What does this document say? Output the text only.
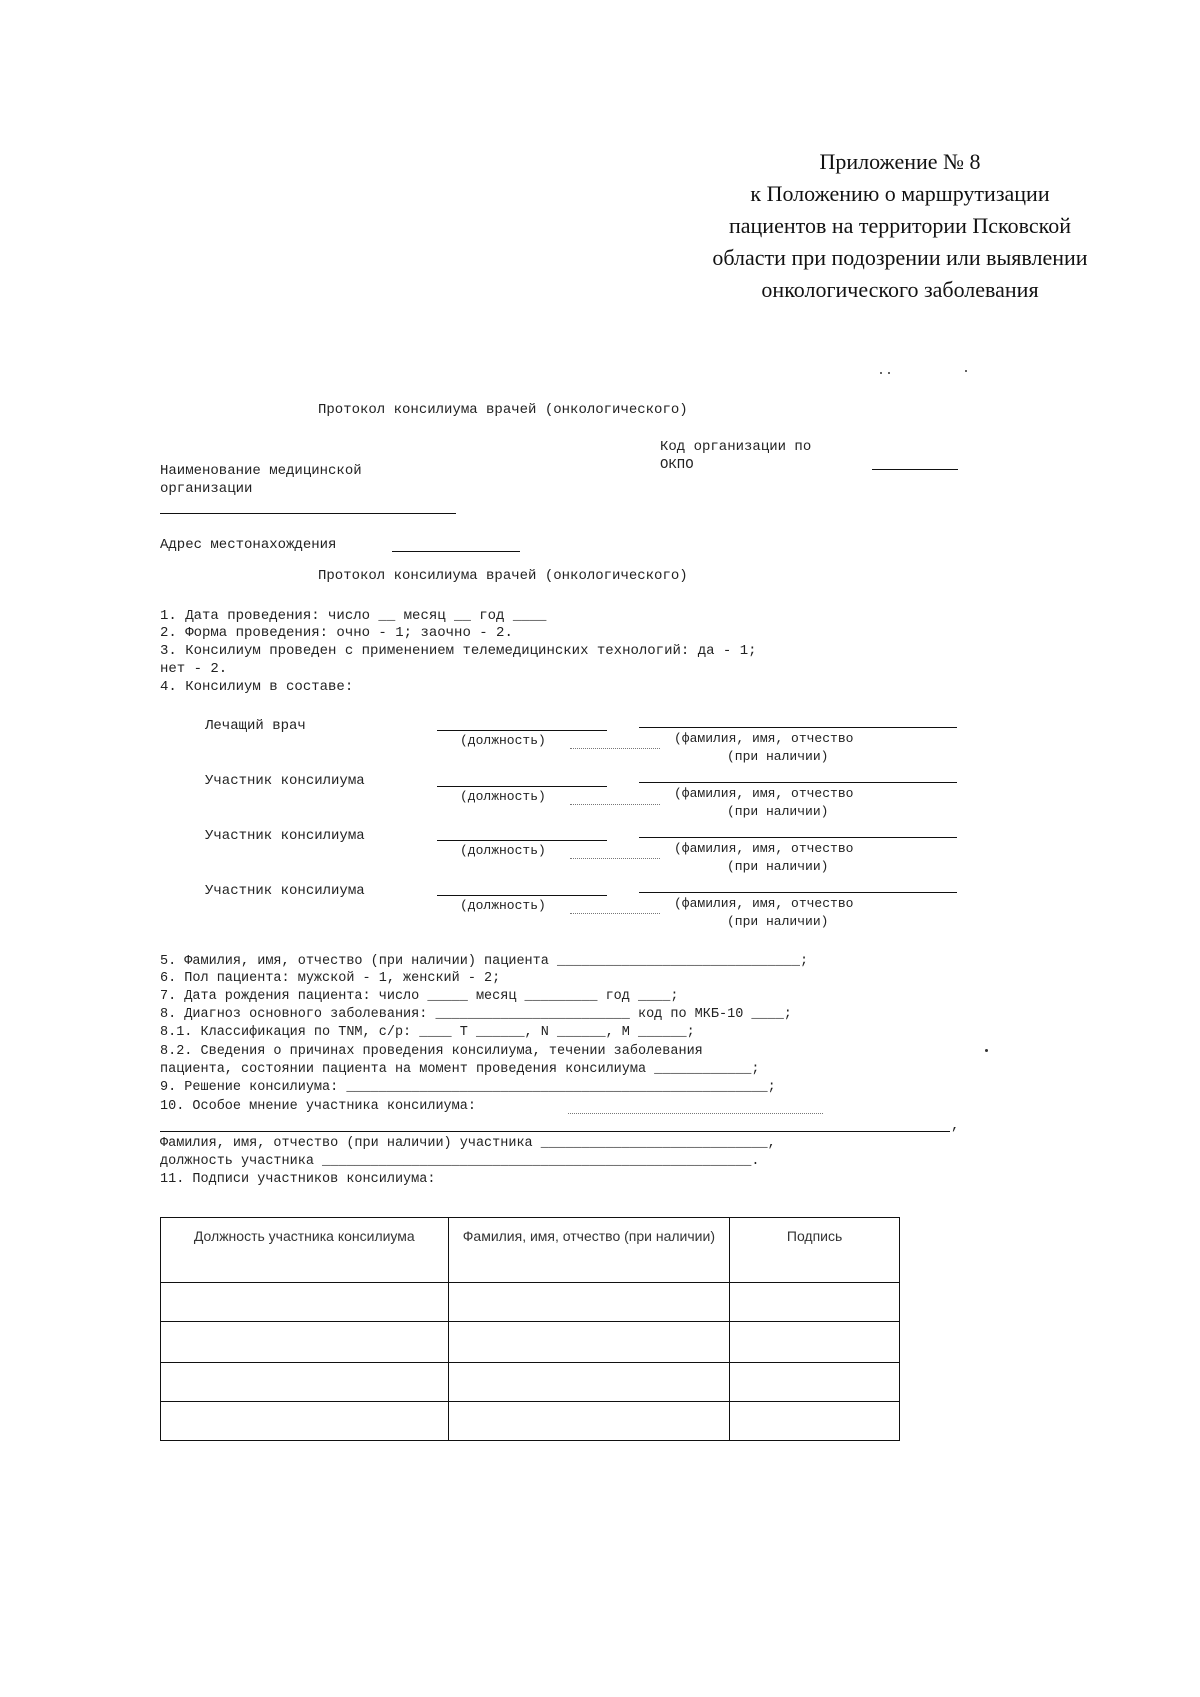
Приложение № 8
к Положению о маршрутизации
пациентов на территории Псковской
области при подозрении или выявлении
онкологического заболевания
Протокол консилиума врачей (онкологического)
Код организации по
ОКПО
Наименование медицинской
организации
Адрес местонахождения
Протокол консилиума врачей (онкологического)
1. Дата проведения: число __ месяц __ год ____
2. Форма проведения: очно - 1; заочно - 2.
3. Консилиум проведен с применением телемедицинских технологий: да - 1;
нет - 2.
4. Консилиум в составе:
Лечащий врач
(должность)	(фамилия, имя, отчество
(при наличии)
Участник консилиума
(должность)	(фамилия, имя, отчество
(при наличии)
Участник консилиума
(должность)	(фамилия, имя, отчество
(при наличии)
Участник консилиума
(должность)	(фамилия, имя, отчество
(при наличии)
5. Фамилия, имя, отчество (при наличии) пациента ______________________________;
6. Пол пациента: мужской - 1, женский - 2;
7. Дата рождения пациента: число _____ месяц _________ год ____;
8. Диагноз основного заболевания: ________________________ код по МКБ-10 ____;
8.1. Классификация по TNM, с/р: ____ Т ______, N ______, M ______;
8.2. Сведения о причинах проведения консилиума, течении заболевания
пациента, состоянии пациента на момент проведения консилиума ____________;
9. Решение консилиума: ____________________________________________________;
10. Особое мнение участника консилиума:
,
Фамилия, имя, отчество (при наличии) участника ____________________________,
должность участника _____________________________________________________.
11. Подписи участников консилиума:
Должность участника консилиума	Фамилия, имя, отчество (при наличии)	Подпись
